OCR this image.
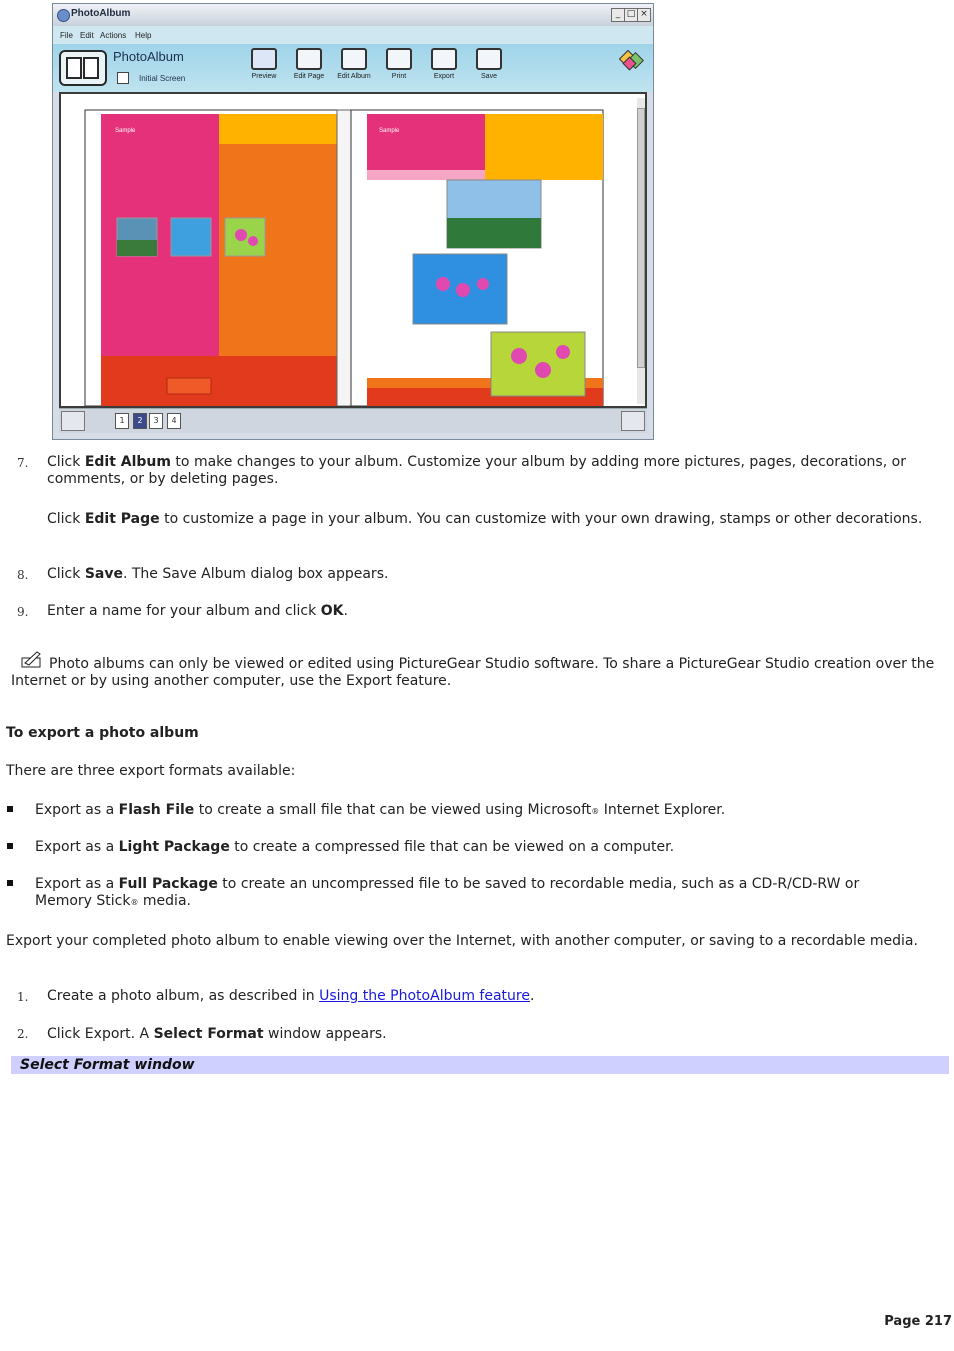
PhotoAlbum	_ □ ×
File Edit Actions Help
PhotoAlbum
Initial Screen	Preview	Edit Page	Edit Album	Print	Export	Save
Sample	Sample
1	2	3	4
7. Click Edit Album to make changes to your album. Customize your album by adding more pictures, pages, decorations, or comments, or by deleting pages.
Click Edit Page to customize a page in your album. You can customize with your own drawing, stamps or other decorations.
8. Click Save. The Save Album dialog box appears.
9. Enter a name for your album and click OK.
Photo albums can only be viewed or edited using PictureGear Studio software. To share a PictureGear Studio creation over the Internet or by using another computer, use the Export feature.
To export a photo album
There are three export formats available:
Export as a Flash File to create a small file that can be viewed using Microsoft® Internet Explorer.
Export as a Light Package to create a compressed file that can be viewed on a computer.
Export as a Full Package to create an uncompressed file to be saved to recordable media, such as a CD-R/CD-RW or Memory Stick® media.
Export your completed photo album to enable viewing over the Internet, with another computer, or saving to a recordable media.
1. Create a photo album, as described in Using the PhotoAlbum feature.
2. Click Export. A Select Format window appears.
Select Format window
Page 217
